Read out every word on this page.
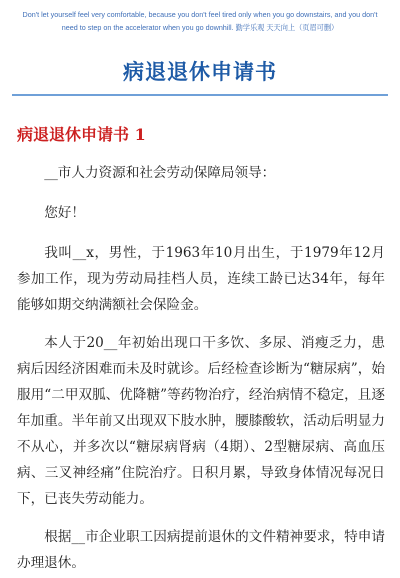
Don't let yourself feel very comfortable, because you don't feel tired only when you go downstairs, and you don't
need to step on the accelerator when you go downhill. 勤学乐观 天天向上（页眉可删）
病退退休申请书
病退退休申请书 1

__市人力资源和社会劳动保障局领导：

您好！

我叫__x，男性，于1963年10月出生，于1979年12月参加工作，现为劳动局挂档人员，连续工龄已达34年，每年能够如期交纳满额社会保险金。

本人于20__年初始出现口干多饮、多尿、消瘦乏力，患病后因经济困难而未及时就诊。后经检查诊断为“糖尿病”，始服用“二甲双胍、优降糖”等药物治疗，经治病情不稳定，且逐年加重。半年前又出现双下肢水肿，腰膝酸软，活动后明显力不从心，并多次以“糖尿病肾病（4期）、2型糖尿病、高血压病、三叉神经痛”住院治疗。日积月累，导致身体情况每况日下，已丧失劳动能力。

根据__市企业职工因病提前退休的文件精神要求，特申请办理退休。
